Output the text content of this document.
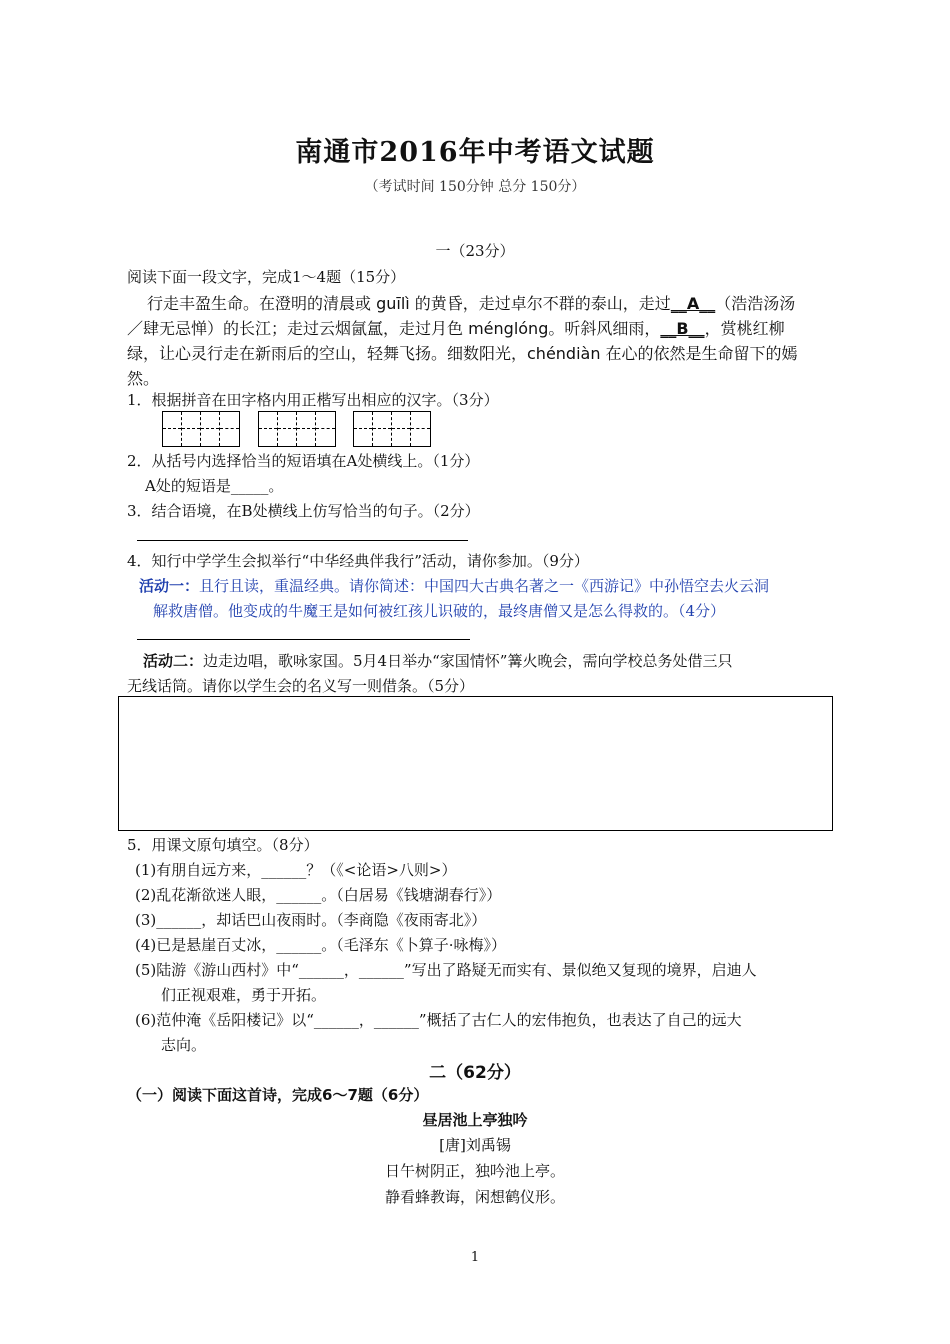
南通市2016年中考语文试题
（考试时间 150分钟 总分 150分）
一（23分）
阅读下面一段文字，完成1～4题（15分）
行走丰盈生命。在澄明的清晨或 guīlì 的黄昏，走过卓尔不群的泰山，走过__A__（浩浩汤汤
／肆无忌惮）的长江；走过云烟氤氲，走过月色 ménglóng。听斜风细雨，__B__，赏桃红柳
绿，让心灵行走在新雨后的空山，轻舞飞扬。细数阳光，chéndiàn 在心的依然是生命留下的嫣
然。
1．根据拼音在田字格内用正楷写出相应的汉字。（3分）
2．从括号内选择恰当的短语填在A处横线上。（1分）
A处的短语是_____。
3．结合语境，在B处横线上仿写恰当的句子。（2分）
4．知行中学学生会拟举行“中华经典伴我行”活动，请你参加。（9分）
活动一：且行且读，重温经典。请你简述：中国四大古典名著之一《西游记》中孙悟空去火云洞
解救唐僧。他变成的牛魔王是如何被红孩儿识破的，最终唐僧又是怎么得救的。（4分）
活动二：边走边唱，歌咏家国。5月4日举办“家国情怀”篝火晚会，需向学校总务处借三只
无线话筒。请你以学生会的名义写一则借条。（5分）
5．用课文原句填空。（8分）
(1)有朋自远方来，______？（《<论语>八则>）
(2)乱花渐欲迷人眼，______。（白居易《钱塘湖春行》）
(3)______，却话巴山夜雨时。（李商隐《夜雨寄北》）
(4)已是悬崖百丈冰，______。（毛泽东《卜算子·咏梅》）
(5)陆游《游山西村》中“______，______”写出了路疑无而实有、景似绝又复现的境界，启迪人
们正视艰难，勇于开拓。
(6)范仲淹《岳阳楼记》以“______，______”概括了古仁人的宏伟抱负，也表达了自己的远大
志向。
二（62分）
（一）阅读下面这首诗，完成6～7题（6分）
昼居池上亭独吟
[唐]刘禹锡
日午树阴正，独吟池上亭。
静看蜂教诲，闲想鹤仪形。
1
